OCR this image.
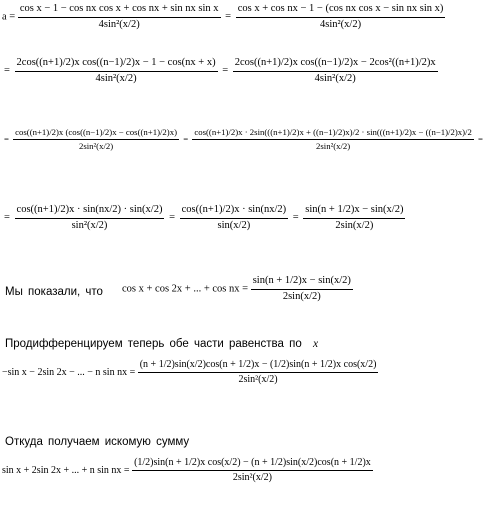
$a = \frac{\text{cos x − 1 − cos nx cos x + cos nx + sin nx sin x}}{\text{4sin²(x/2)}} = \frac{\text{cos x + cos nx − 1 − (cos nx cos x − sin nx sin x)}}{\text{4sin²(x/2)}}$
= $\frac{\text{2cos((n+1)/2)x cos((n−1)/2)x − 1 − cos(nx + x)}}{\text{4sin²(x/2)}} = \frac{\text{2cos((n+1)/2)x cos((n−1)/2)x − 2cos²((n+1)/2)x}}{\text{4sin²(x/2)}}$
= $\frac{\cos((n+1)/2)x (\cos((n-1)/2)x - \cos((n+1)/2)x)}{\text{2sin²(x/2)}}$ =
cos((n+1)/2)x · 2sin(((n+1)/2)x + ((n−1)/2)x)/2 · sin(((n+1)/2)x − ((n−1)/2)x)/2
2sin²(x/2)
=
= $\frac{\cos((n+1)/2)x \cdot \sin(nx/2) \cdot \sin(x/2)}{\text{sin²(x/2)}} = \frac{\cos((n+1)/2)x \cdot \sin(nx/2)}{\sin(x/2)} = \frac{\sin(n + 1/2)x - \sin(x/2)}{2\sin(x/2)}$
Мы показали, что cos x + cos 2x + ... + cos nx = $\frac{\sin(n + 1/2)x - \sin(x/2)}{2\sin(x/2)}$
Продифференцируем теперь обе части равенства по x
−sin x − 2sin 2x − ... − n sin nx = $\frac{\text{(n + 1/2)sin(x/2)cos(n + 1/2)x − (1/2)sin(n + 1/2)x cos(x/2)}}{\text{2sin²(x/2)}}$
Откуда получаем искомую сумму
sin x + 2sin 2x + ... + n sin nx = $\frac{\text{(1/2)sin(n + 1/2)x cos(x/2) − (n + 1/2)sin(x/2)cos(n + 1/2)x}}{\text{2sin²(x/2)}}$
